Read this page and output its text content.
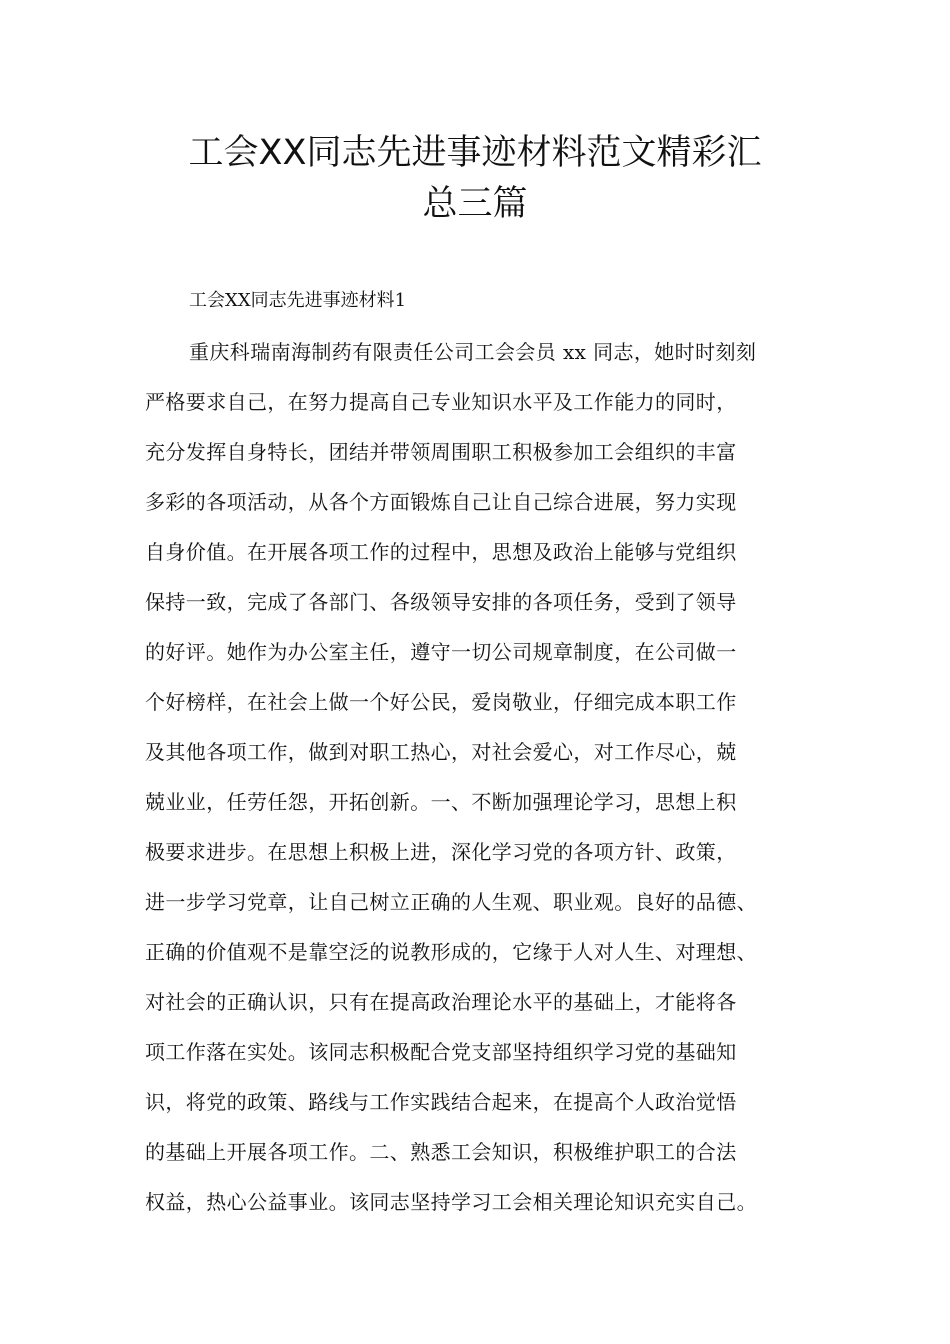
工会XX同志先进事迹材料范文精彩汇
总三篇

工会XX同志先进事迹材料1

重庆科瑞南海制药有限责任公司工会会员 xx 同志，她时时刻刻
严格要求自己，在努力提高自己专业知识水平及工作能力的同时，
充分发挥自身特长，团结并带领周围职工积极参加工会组织的丰富
多彩的各项活动，从各个方面锻炼自己让自己综合进展，努力实现
自身价值。在开展各项工作的过程中，思想及政治上能够与党组织
保持一致，完成了各部门、各级领导安排的各项任务，受到了领导
的好评。她作为办公室主任，遵守一切公司规章制度，在公司做一
个好榜样，在社会上做一个好公民，爱岗敬业，仔细完成本职工作
及其他各项工作，做到对职工热心，对社会爱心，对工作尽心，兢
兢业业，任劳任怨，开拓创新。一、不断加强理论学习，思想上积
极要求进步。在思想上积极上进，深化学习党的各项方针、政策，
进一步学习党章，让自己树立正确的人生观、职业观。良好的品德、
正确的价值观不是靠空泛的说教形成的，它缘于人对人生、对理想、
对社会的正确认识，只有在提高政治理论水平的基础上，才能将各
项工作落在实处。该同志积极配合党支部坚持组织学习党的基础知
识，将党的政策、路线与工作实践结合起来，在提高个人政治觉悟
的基础上开展各项工作。二、熟悉工会知识，积极维护职工的合法
权益，热心公益事业。该同志坚持学习工会相关理论知识充实自己。
